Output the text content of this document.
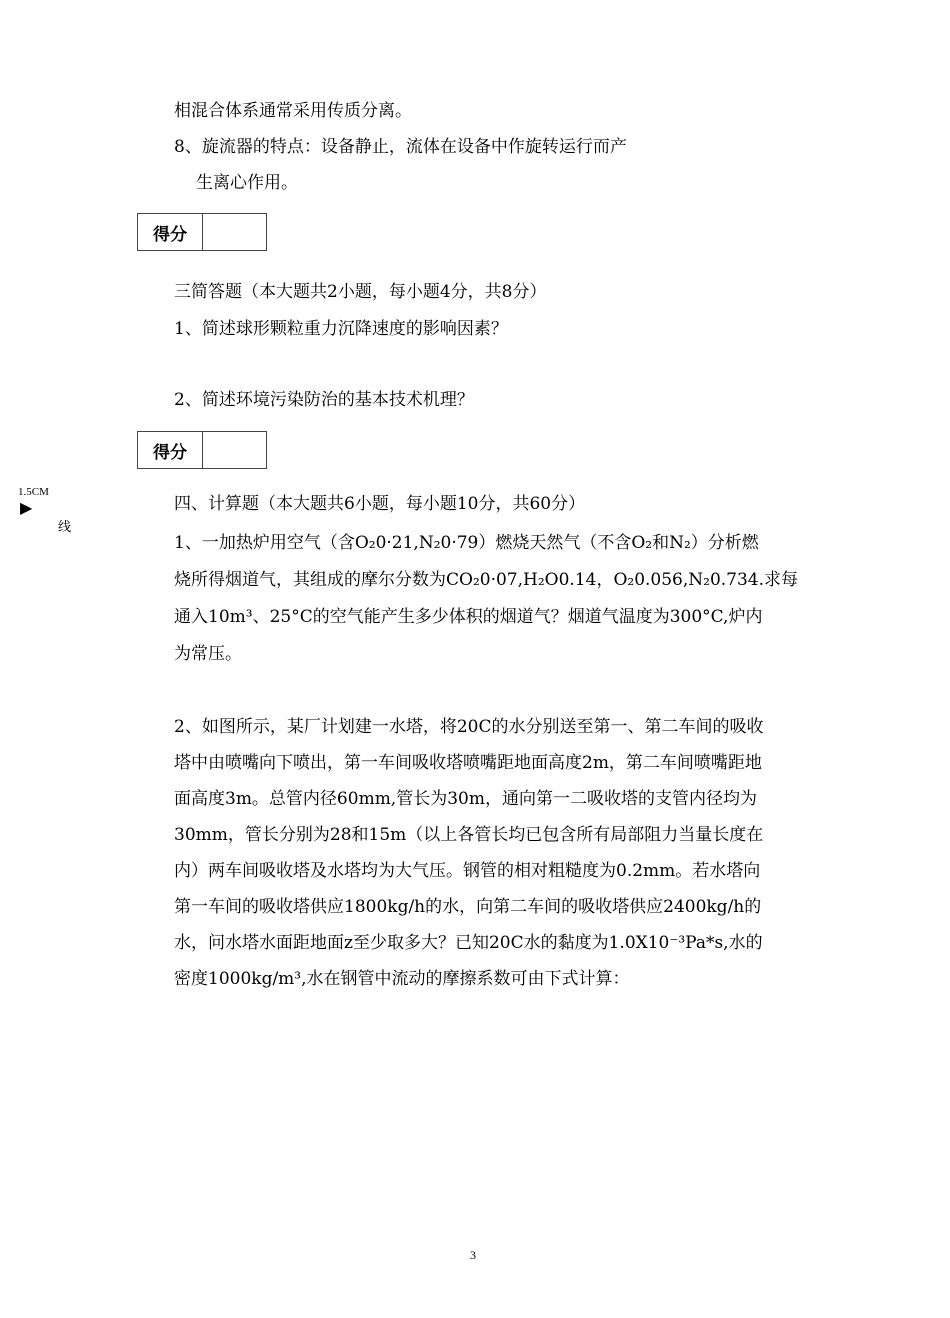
相混合体系通常采用传质分离。
8、旋流器的特点：设备静止，流体在设备中作旋转运行而产
生离心作用。
得分
三简答题（本大题共2小题，每小题4分，共8分）
1、简述球形颗粒重力沉降速度的影响因素？
2、简述环境污染防治的基本技术机理？
得分
1.5CM
▶
线
四、计算题（本大题共6小题，每小题10分，共60分）
1、一加热炉用空气（含O₂0·21,N₂0·79）燃烧天然气（不含O₂和N₂）分析燃
烧所得烟道气，其组成的摩尔分数为CO₂0·07,H₂O0.14，O₂0.056,N₂0.734.求每
通入10m³、25°C的空气能产生多少体积的烟道气？烟道气温度为300°C,炉内
为常压。
2、如图所示，某厂计划建一水塔，将20C的水分别送至第一、第二车间的吸收
塔中由喷嘴向下喷出，第一车间吸收塔喷嘴距地面高度2m，第二车间喷嘴距地
面高度3m。总管内径60mm,管长为30m，通向第一二吸收塔的支管内径均为
30mm，管长分别为28和15m（以上各管长均已包含所有局部阻力当量长度在
内）两车间吸收塔及水塔均为大气压。钢管的相对粗糙度为0.2mm。若水塔向
第一车间的吸收塔供应1800kg/h的水，向第二车间的吸收塔供应2400kg/h的
水，问水塔水面距地面z至少取多大？已知20C水的黏度为1.0X10⁻³Pa*s,水的
密度1000kg/m³,水在钢管中流动的摩擦系数可由下式计算：
3
